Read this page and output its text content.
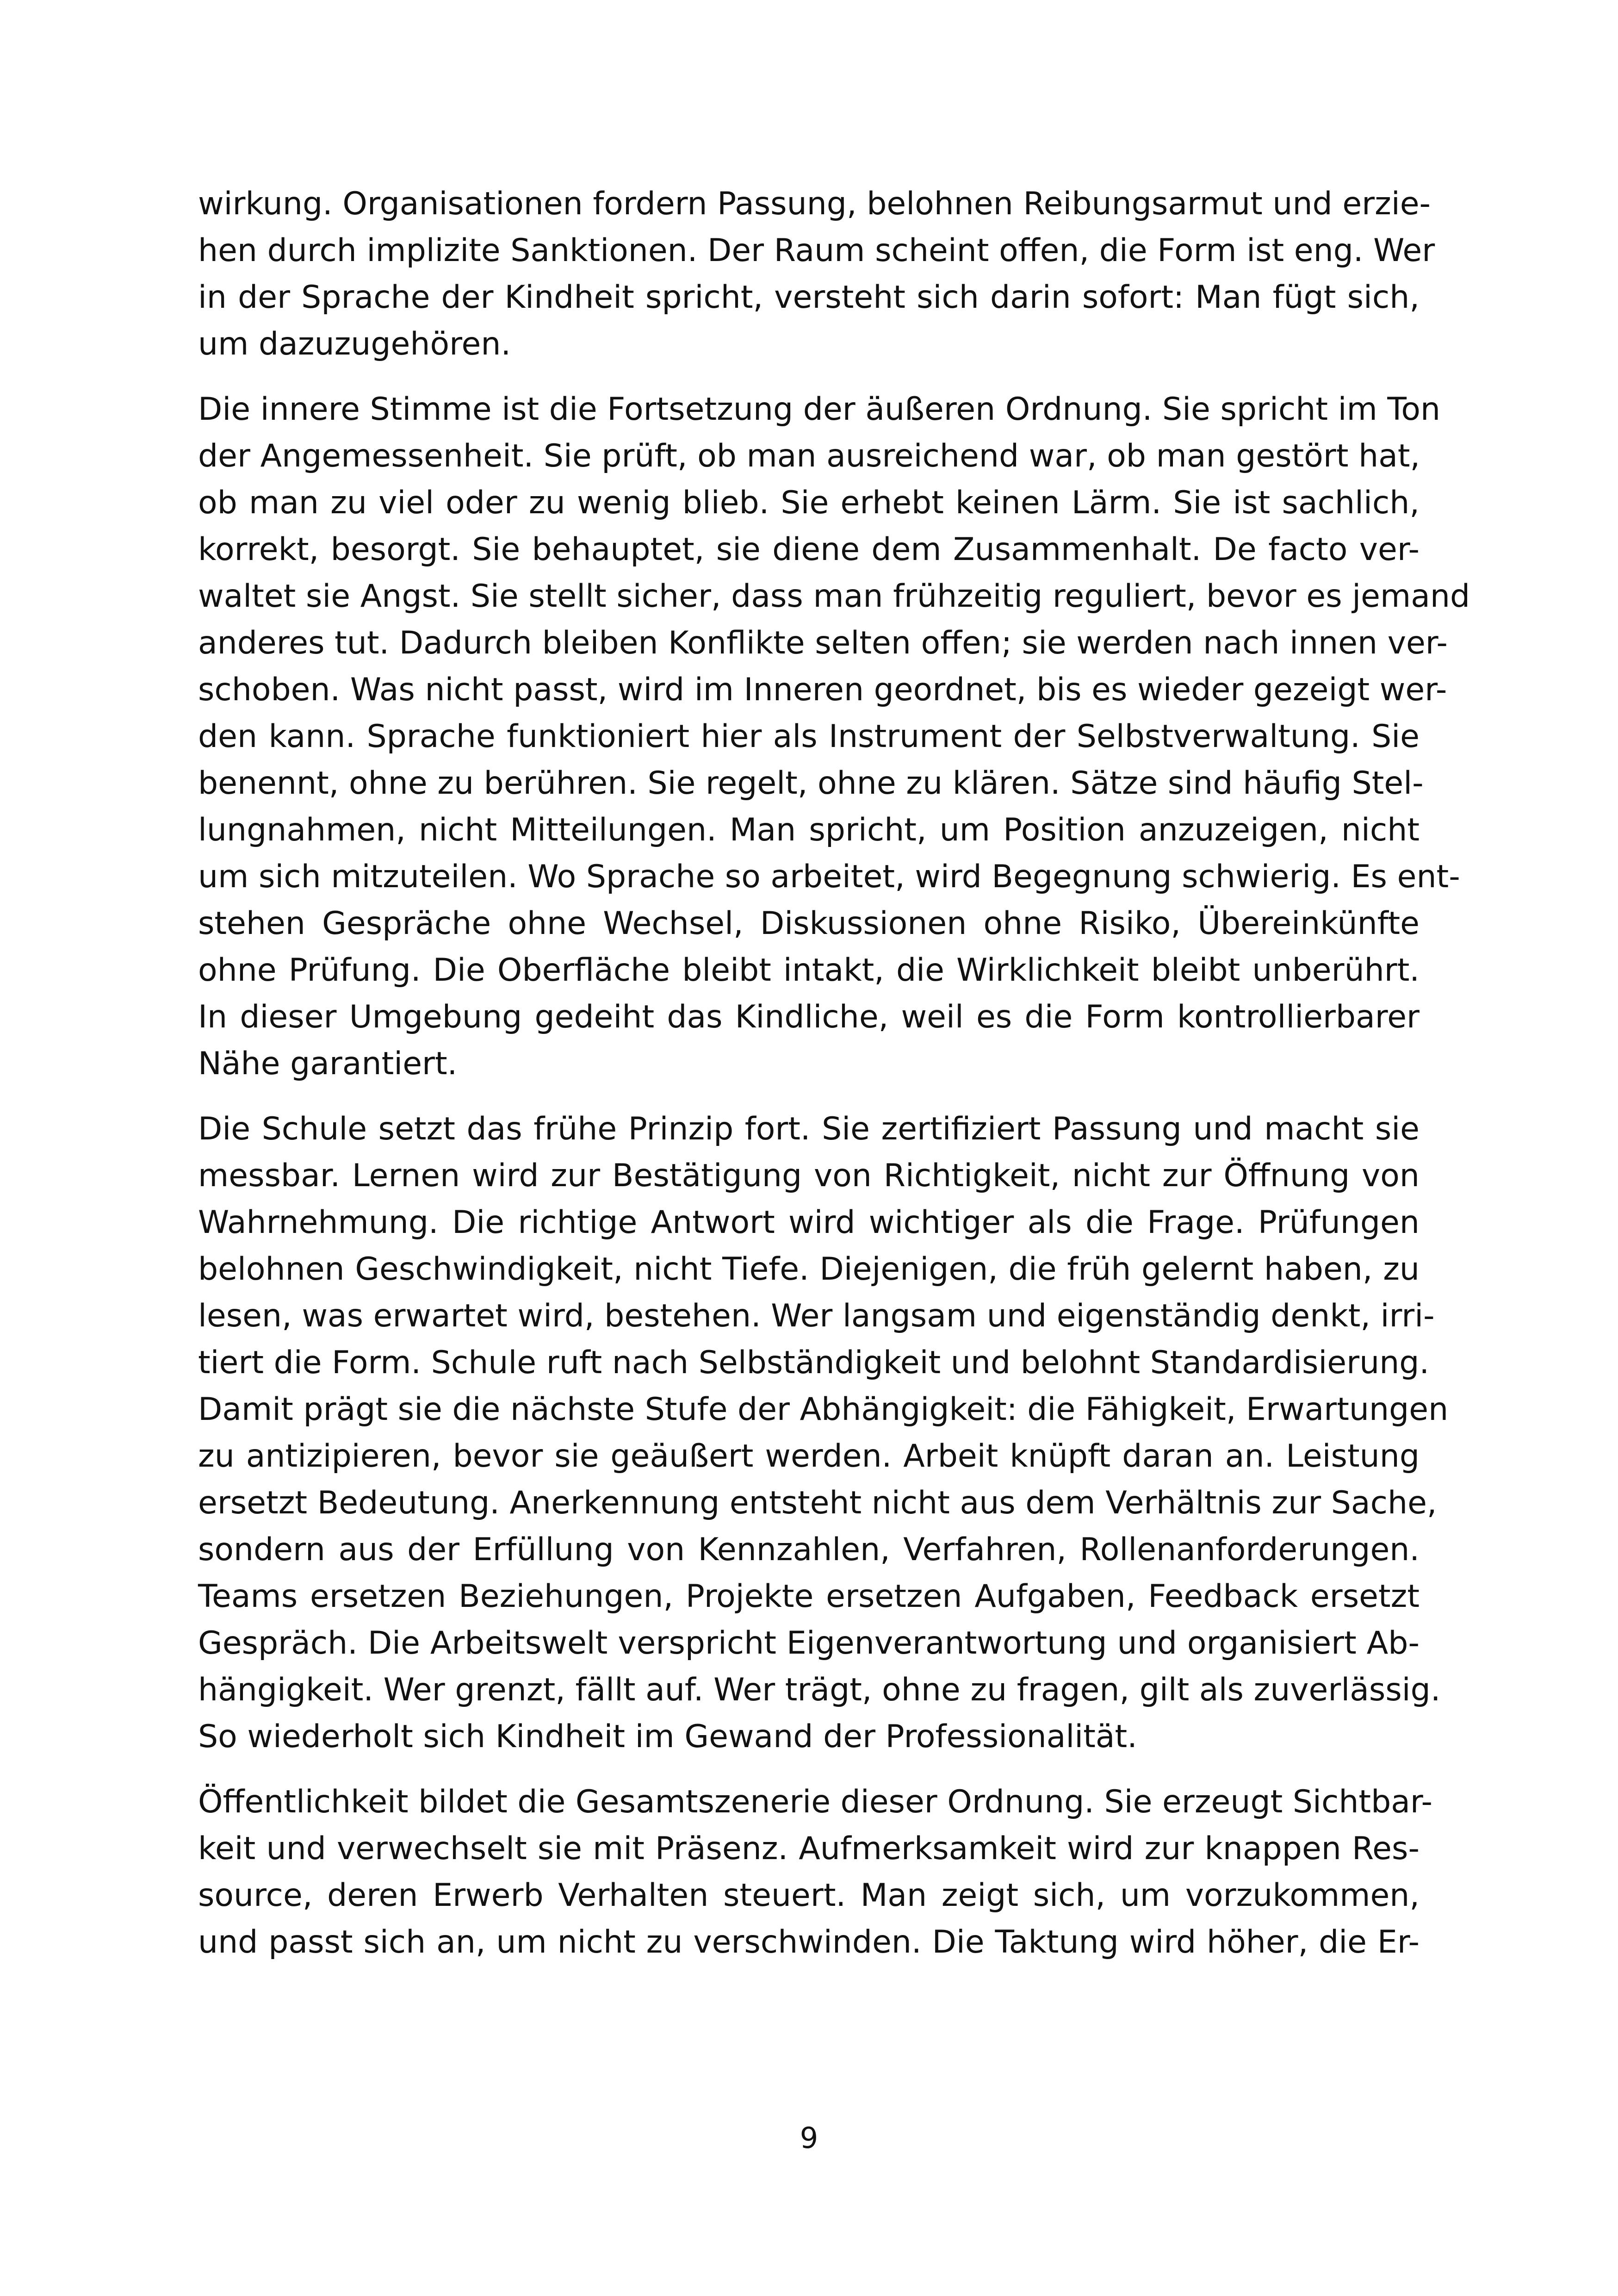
wirkung. Organisationen fordern Passung, belohnen Reibungsarmut und erzie-
hen durch implizite Sanktionen. Der Raum scheint offen, die Form ist eng. Wer
in der Sprache der Kindheit spricht, versteht sich darin sofort: Man fügt sich,
um dazuzugehören.
Die innere Stimme ist die Fortsetzung der äußeren Ordnung. Sie spricht im Ton
der Angemessenheit. Sie prüft, ob man ausreichend war, ob man gestört hat,
ob man zu viel oder zu wenig blieb. Sie erhebt keinen Lärm. Sie ist sachlich,
korrekt, besorgt. Sie behauptet, sie diene dem Zusammenhalt. De facto ver-
waltet sie Angst. Sie stellt sicher, dass man frühzeitig reguliert, bevor es jemand
anderes tut. Dadurch bleiben Konflikte selten offen; sie werden nach innen ver-
schoben. Was nicht passt, wird im Inneren geordnet, bis es wieder gezeigt wer-
den kann. Sprache funktioniert hier als Instrument der Selbstverwaltung. Sie
benennt, ohne zu berühren. Sie regelt, ohne zu klären. Sätze sind häufig Stel-
lungnahmen, nicht Mitteilungen. Man spricht, um Position anzuzeigen, nicht
um sich mitzuteilen. Wo Sprache so arbeitet, wird Begegnung schwierig. Es ent-
stehen Gespräche ohne Wechsel, Diskussionen ohne Risiko, Übereinkünfte
ohne Prüfung. Die Oberfläche bleibt intakt, die Wirklichkeit bleibt unberührt.
In dieser Umgebung gedeiht das Kindliche, weil es die Form kontrollierbarer
Nähe garantiert.
Die Schule setzt das frühe Prinzip fort. Sie zertifiziert Passung und macht sie
messbar. Lernen wird zur Bestätigung von Richtigkeit, nicht zur Öffnung von
Wahrnehmung. Die richtige Antwort wird wichtiger als die Frage. Prüfungen
belohnen Geschwindigkeit, nicht Tiefe. Diejenigen, die früh gelernt haben, zu
lesen, was erwartet wird, bestehen. Wer langsam und eigenständig denkt, irri-
tiert die Form. Schule ruft nach Selbständigkeit und belohnt Standardisierung.
Damit prägt sie die nächste Stufe der Abhängigkeit: die Fähigkeit, Erwartungen
zu antizipieren, bevor sie geäußert werden. Arbeit knüpft daran an. Leistung
ersetzt Bedeutung. Anerkennung entsteht nicht aus dem Verhältnis zur Sache,
sondern aus der Erfüllung von Kennzahlen, Verfahren, Rollenanforderungen.
Teams ersetzen Beziehungen, Projekte ersetzen Aufgaben, Feedback ersetzt
Gespräch. Die Arbeitswelt verspricht Eigenverantwortung und organisiert Ab-
hängigkeit. Wer grenzt, fällt auf. Wer trägt, ohne zu fragen, gilt als zuverlässig.
So wiederholt sich Kindheit im Gewand der Professionalität.
Öffentlichkeit bildet die Gesamtszenerie dieser Ordnung. Sie erzeugt Sichtbar-
keit und verwechselt sie mit Präsenz. Aufmerksamkeit wird zur knappen Res-
source, deren Erwerb Verhalten steuert. Man zeigt sich, um vorzukommen,
und passt sich an, um nicht zu verschwinden. Die Taktung wird höher, die Er-
9
